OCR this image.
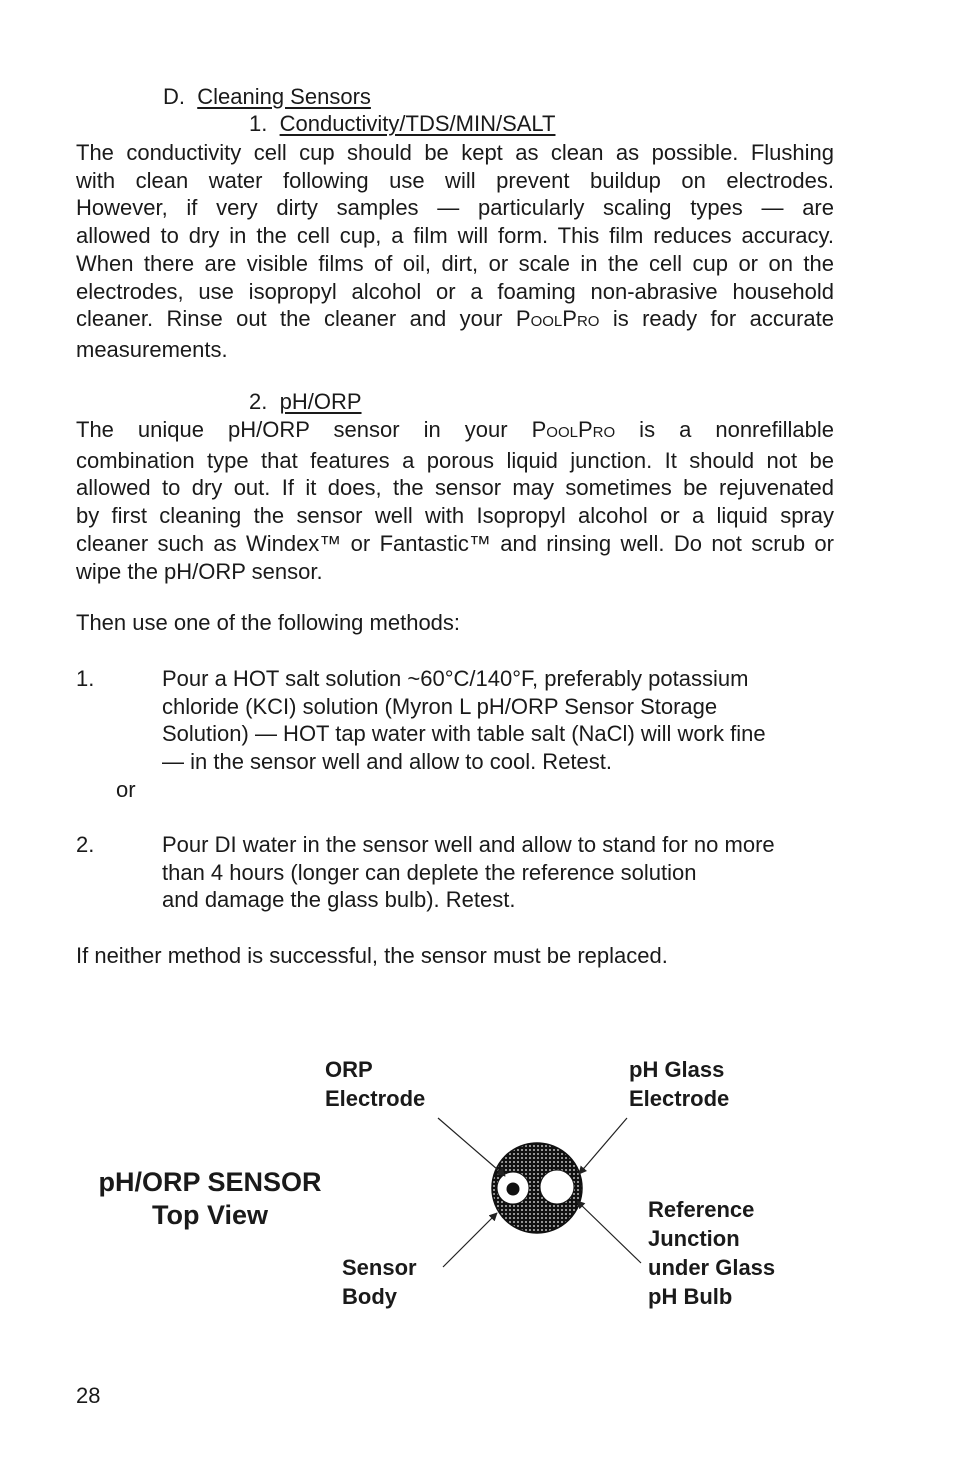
D. Cleaning Sensors
1. Conductivity/TDS/MIN/SALT
The conductivity cell cup should be kept as clean as possible. Flushing
with clean water following use will prevent buildup on electrodes.
However, if very dirty samples — particularly scaling types — are
allowed to dry in the cell cup, a film will form. This film reduces accuracy.
When there are visible films of oil, dirt, or scale in the cell cup or on the
electrodes, use isopropyl alcohol or a foaming non-abrasive household
cleaner. Rinse out the cleaner and your POOLPRO is ready for accurate
measurements.
2. pH/ORP
The unique pH/ORP sensor in your POOLPRO is a nonrefillable
combination type that features a porous liquid junction. It should not be
allowed to dry out. If it does, the sensor may sometimes be rejuvenated
by first cleaning the sensor well with Isopropyl alcohol or a liquid spray
cleaner such as Windex™ or Fantastic™ and rinsing well. Do not scrub or
wipe the pH/ORP sensor.
Then use one of the following methods:
1.	Pour a HOT salt solution ~60°C/140°F, preferably potassium
chloride (KCI) solution (Myron L pH/ORP Sensor Storage
Solution) — HOT tap water with table salt (NaCl) will work fine
— in the sensor well and allow to cool. Retest.
or
2.	Pour DI water in the sensor well and allow to stand for no more
than 4 hours (longer can deplete the reference solution
and damage the glass bulb). Retest.
If neither method is successful, the sensor must be replaced.
pH/ORP SENSOR
Top View
ORP
Electrode
pH Glass
Electrode
Sensor
Body
Reference
Junction
under Glass
pH Bulb
28
